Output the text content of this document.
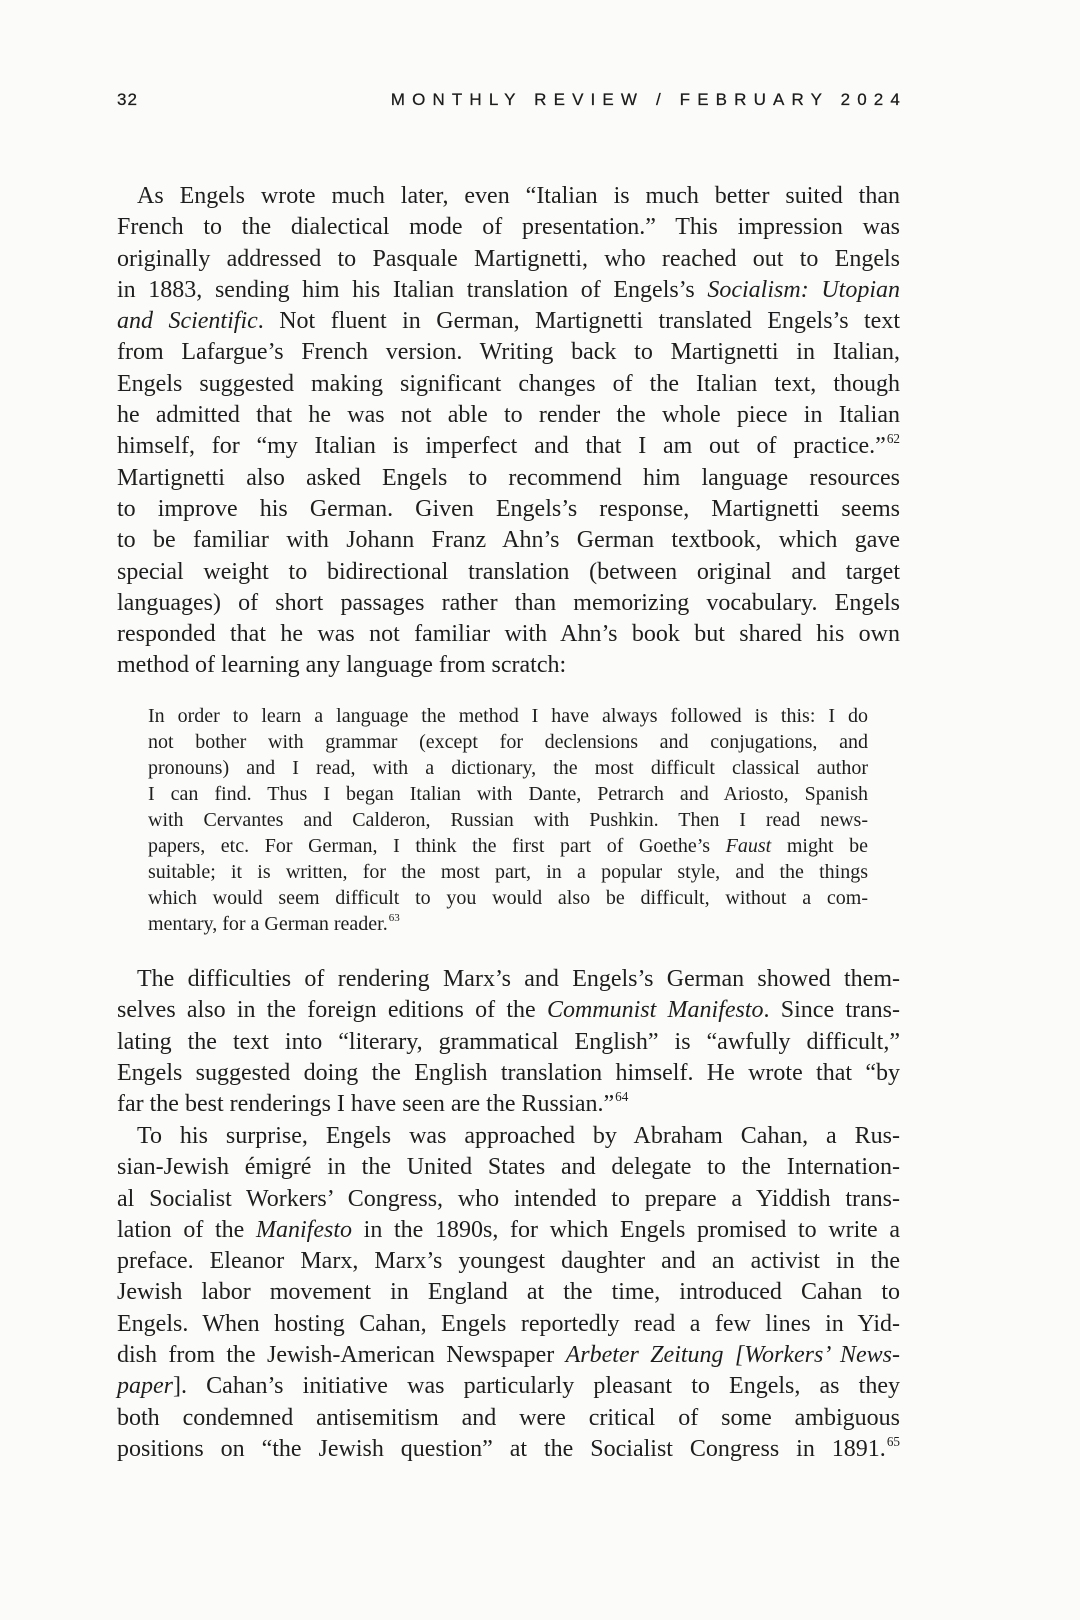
32	MONTHLY REVIEW / FEBRUARY 2024
As Engels wrote much later, even “Italian is much better suited than
French to the dialectical mode of presentation.” This impression was
originally addressed to Pasquale Martignetti, who reached out to Engels
in 1883, sending him his Italian translation of Engels’s Socialism: Utopian
and Scientific. Not fluent in German, Martignetti translated Engels’s text
from Lafargue’s French version. Writing back to Martignetti in Italian,
Engels suggested making significant changes of the Italian text, though
he admitted that he was not able to render the whole piece in Italian
himself, for “my Italian is imperfect and that I am out of practice.”$^{62}$
Martignetti also asked Engels to recommend him language resources
to improve his German. Given Engels’s response, Martignetti seems
to be familiar with Johann Franz Ahn’s German textbook, which gave
special weight to bidirectional translation (between original and target
languages) of short passages rather than memorizing vocabulary. Engels
responded that he was not familiar with Ahn’s book but shared his own
method of learning any language from scratch:
In order to learn a language the method I have always followed is this: I do
not bother with grammar (except for declensions and conjugations, and
pronouns) and I read, with a dictionary, the most difficult classical author
I can find. Thus I began Italian with Dante, Petrarch and Ariosto, Spanish
with Cervantes and Calderon, Russian with Pushkin. Then I read news-
papers, etc. For German, I think the first part of Goethe’s Faust might be
suitable; it is written, for the most part, in a popular style, and the things
which would seem difficult to you would also be difficult, without a com-
mentary, for a German reader.$^{63}$
The difficulties of rendering Marx’s and Engels’s German showed them-
selves also in the foreign editions of the Communist Manifesto. Since trans-
lating the text into “literary, grammatical English” is “awfully difficult,”
Engels suggested doing the English translation himself. He wrote that “by
far the best renderings I have seen are the Russian.”$^{64}$
To his surprise, Engels was approached by Abraham Cahan, a Rus-
sian-Jewish émigré in the United States and delegate to the Internation-
al Socialist Workers’ Congress, who intended to prepare a Yiddish trans-
lation of the Manifesto in the 1890s, for which Engels promised to write a
preface. Eleanor Marx, Marx’s youngest daughter and an activist in the
Jewish labor movement in England at the time, introduced Cahan to
Engels. When hosting Cahan, Engels reportedly read a few lines in Yid-
dish from the Jewish-American Newspaper Arbeter Zeitung [Workers’ News-
paper]. Cahan’s initiative was particularly pleasant to Engels, as they
both condemned antisemitism and were critical of some ambiguous
positions on “the Jewish question” at the Socialist Congress in 1891.65
